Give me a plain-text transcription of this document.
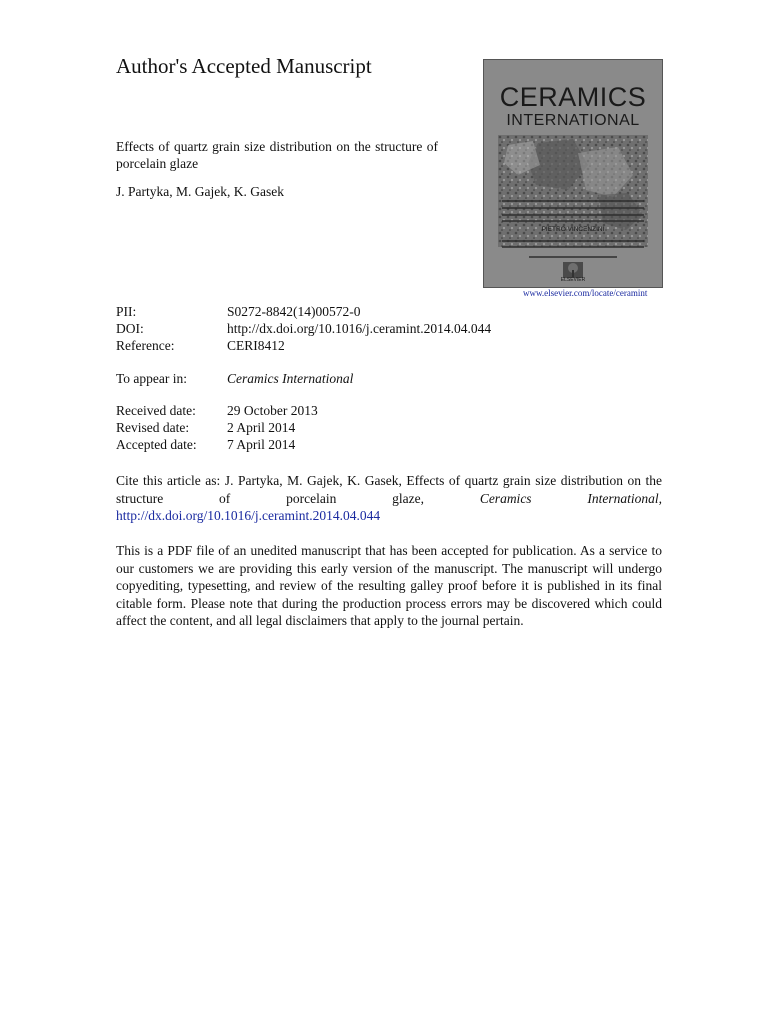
Author's Accepted Manuscript
Effects of quartz grain size distribution on the structure of porcelain glaze
J. Partyka, M. Gajek, K. Gasek
CERAMICS
INTERNATIONAL
PIETRO VINCENZINI
ELSEVIER
www.elsevier.com/locate/ceramint
PII:	S0272-8842(14)00572-0
DOI:	http://dx.doi.org/10.1016/j.ceramint.2014.04.044
Reference:	CERI8412
To appear in:	Ceramics International
Received date: 29 October 2013
Revised date:	2 April 2014
Accepted date: 7 April 2014
Cite this article as: J. Partyka, M. Gajek, K. Gasek, Effects of quartz grain size distribution on the structure of porcelain glaze,	Ceramics International, http://dx.doi.org/10.1016/j.ceramint.2014.04.044
This is a PDF file of an unedited manuscript that has been accepted for publication. As a service to our customers we are providing this early version of the manuscript. The manuscript will undergo copyediting, typesetting, and review of the resulting galley proof before it is published in its final citable form. Please note that during the production process errors may be discovered which could affect the content, and all legal disclaimers that apply to the journal pertain.
